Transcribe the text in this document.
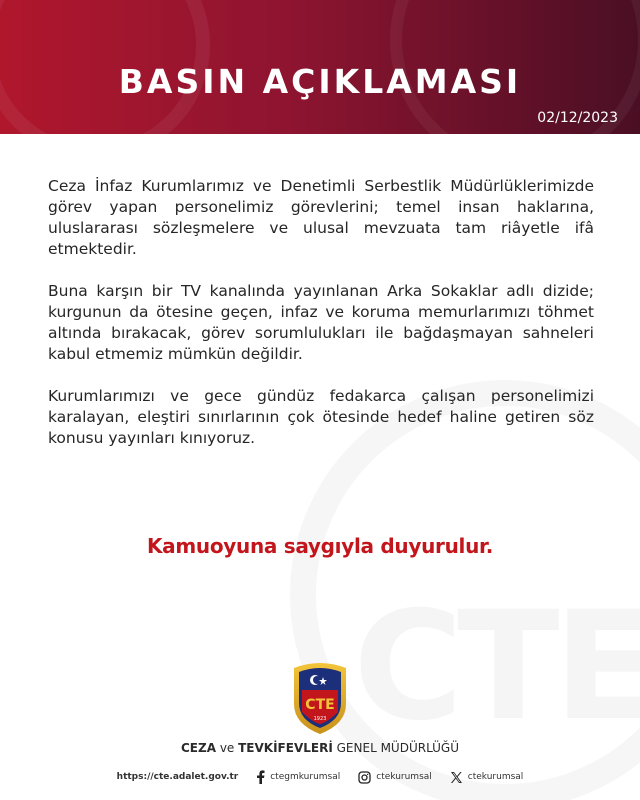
BASIN AÇIKLAMASI
02/12/2023

Ceza İnfaz Kurumlarımız ve Denetimli Serbestlik Müdürlüklerimizde görev yapan personelimiz görevlerini; temel insan haklarına, uluslararası sözleşmelere ve ulusal mevzuata tam riâyetle ifâ etmektedir.

Buna karşın bir TV kanalında yayınlanan Arka Sokaklar adlı dizide; kurgunun da ötesine geçen, infaz ve koruma memurlarımızı töhmet altında bırakacak, görev sorumlulukları ile bağdaşmayan sahneleri kabul etmemiz mümkün değildir.

Kurumlarımızı ve gece gündüz fedakarca çalışan personelimizi karalayan, eleştiri sınırlarının çok ötesinde hedef haline getiren söz konusu yayınları kınıyoruz.

Kamuoyuna saygıyla duyurulur.
CTE
1923
CEZA ve TEVKİFEVLERİ GENEL MÜDÜRLÜĞÜ
https://cte.adalet.gov.tr	ctegmkurumsal	ctekurumsal	ctekurumsal
